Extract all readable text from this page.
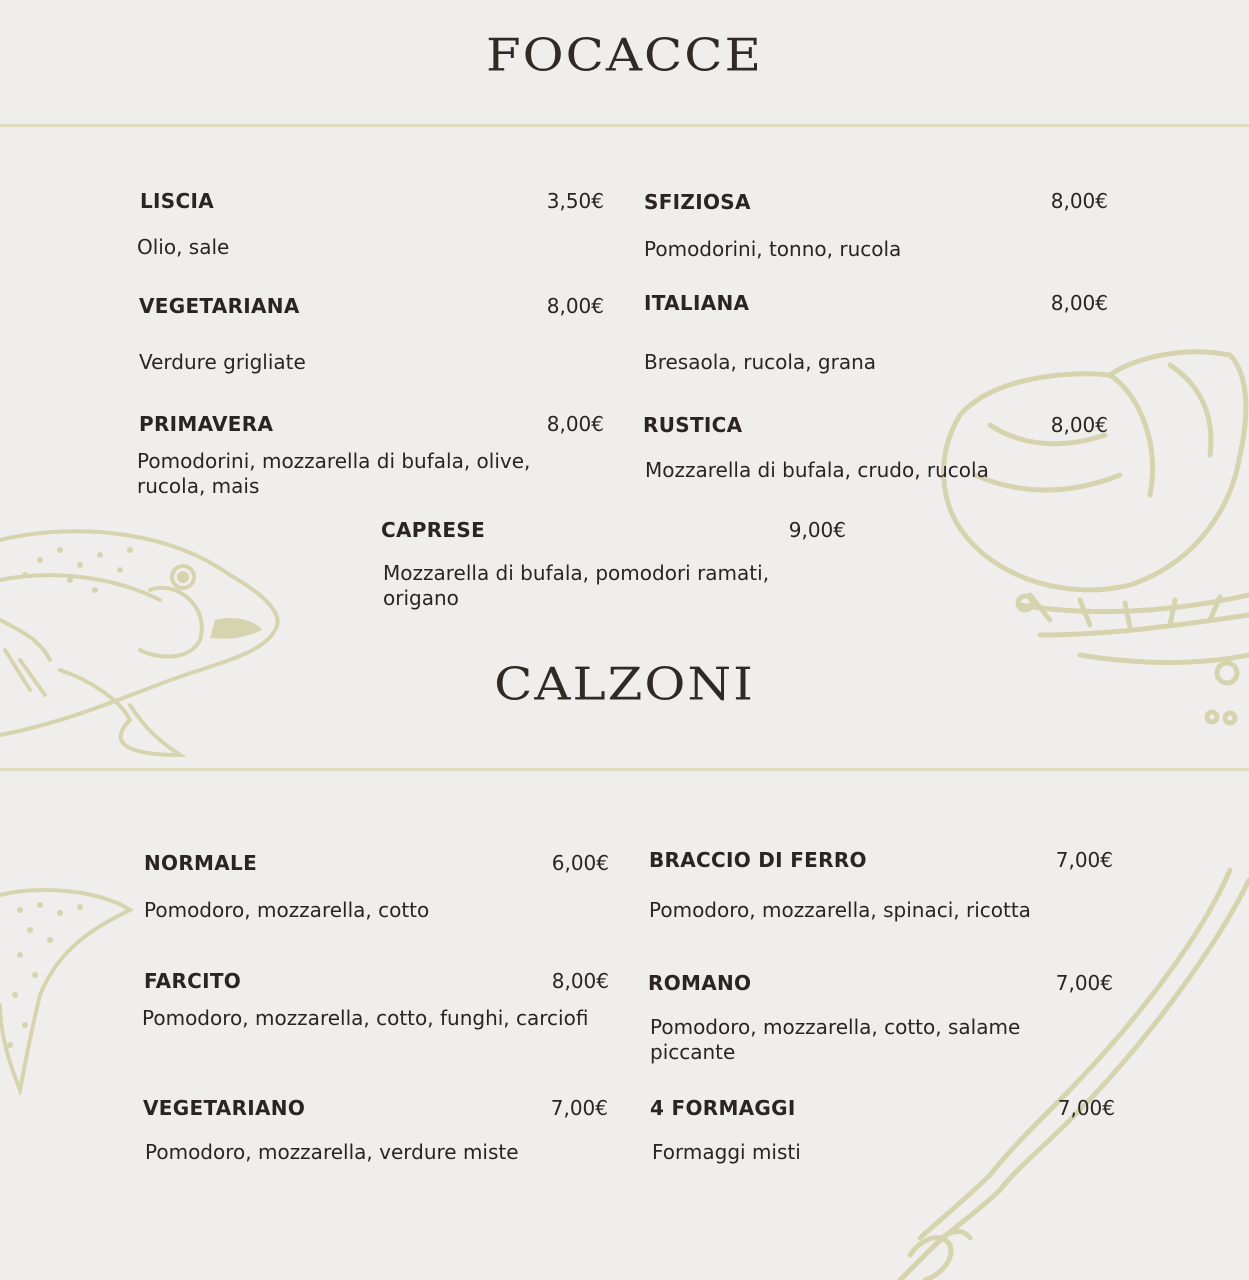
FOCACCE
LISCIA	3,50€
Olio, sale
SFIZIOSA	8,00€
Pomodorini, tonno, rucola
VEGETARIANA	8,00€
Verdure grigliate
ITALIANA	8,00€
Bresaola, rucola, grana
PRIMAVERA	8,00€
Pomodorini, mozzarella di bufala, olive, rucola, mais
RUSTICA	8,00€
Mozzarella di bufala, crudo, rucola
CAPRESE	9,00€
Mozzarella di bufala, pomodori ramati, origano
CALZONI
NORMALE	6,00€
Pomodoro, mozzarella, cotto
BRACCIO DI FERRO	7,00€
Pomodoro, mozzarella, spinaci, ricotta
FARCITO	8,00€
Pomodoro, mozzarella, cotto, funghi, carciofi
ROMANO	7,00€
Pomodoro, mozzarella, cotto, salame piccante
VEGETARIANO	7,00€
Pomodoro, mozzarella, verdure miste
4 FORMAGGI	7,00€
Formaggi misti
